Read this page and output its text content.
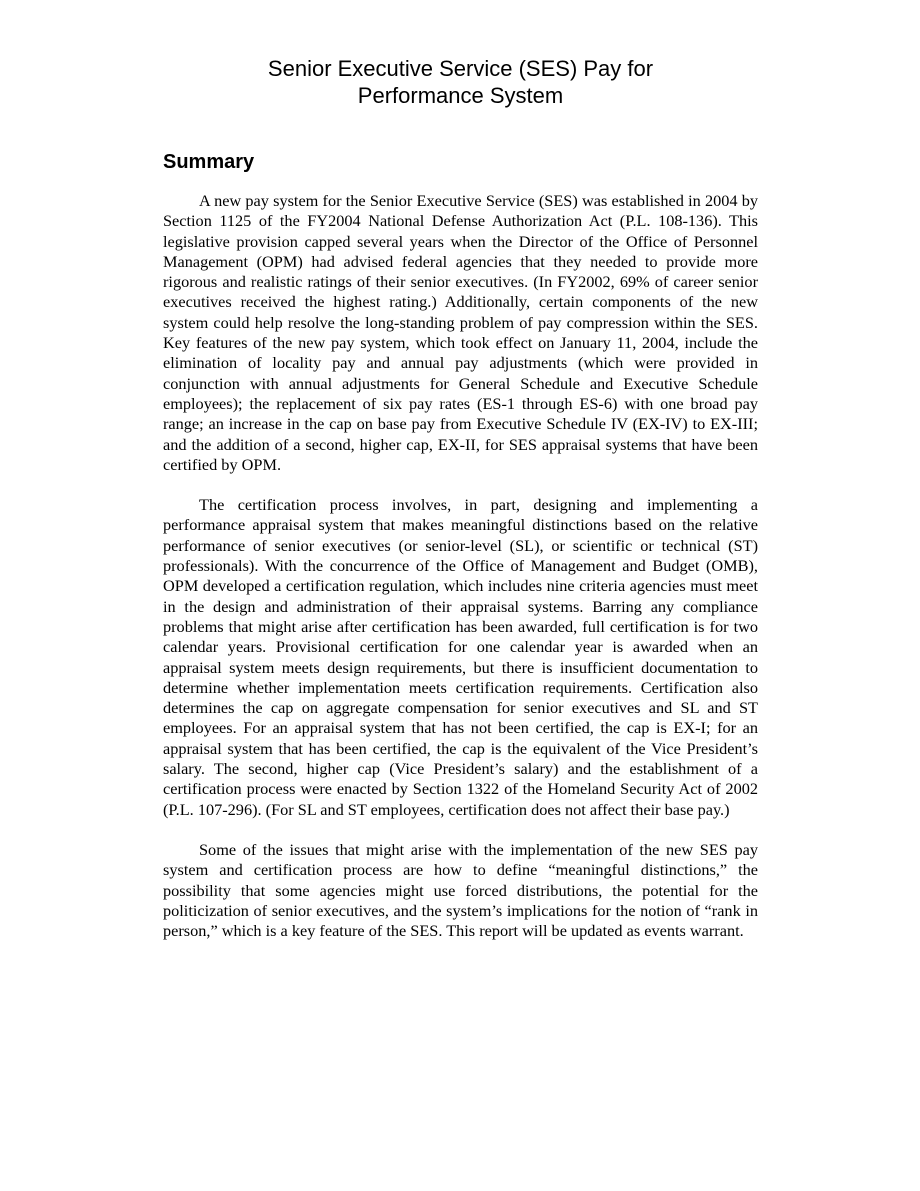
Senior Executive Service (SES) Pay for
Performance System
Summary

A new pay system for the Senior Executive Service (SES) was established in 2004 by Section 1125 of the FY2004 National Defense Authorization Act (P.L. 108-136). This legislative provision capped several years when the Director of the Office of Personnel Management (OPM) had advised federal agencies that they needed to provide more rigorous and realistic ratings of their senior executives. (In FY2002, 69% of career senior executives received the highest rating.) Additionally, certain components of the new system could help resolve the long-standing problem of pay compression within the SES. Key features of the new pay system, which took effect on January 11, 2004, include the elimination of locality pay and annual pay adjustments (which were provided in conjunction with annual adjustments for General Schedule and Executive Schedule employees); the replacement of six pay rates (ES-1 through ES-6) with one broad pay range; an increase in the cap on base pay from Executive Schedule IV (EX-IV) to EX-III; and the addition of a second, higher cap, EX-II, for SES appraisal systems that have been certified by OPM.

The certification process involves, in part, designing and implementing a performance appraisal system that makes meaningful distinctions based on the relative performance of senior executives (or senior-level (SL), or scientific or technical (ST) professionals). With the concurrence of the Office of Management and Budget (OMB), OPM developed a certification regulation, which includes nine criteria agencies must meet in the design and administration of their appraisal systems. Barring any compliance problems that might arise after certification has been awarded, full certification is for two calendar years. Provisional certification for one calendar year is awarded when an appraisal system meets design requirements, but there is insufficient documentation to determine whether implementation meets certification requirements. Certification also determines the cap on aggregate compensation for senior executives and SL and ST employees. For an appraisal system that has not been certified, the cap is EX-I; for an appraisal system that has been certified, the cap is the equivalent of the Vice President’s salary. The second, higher cap (Vice President’s salary) and the establishment of a certification process were enacted by Section 1322 of the Homeland Security Act of 2002 (P.L. 107-296). (For SL and ST employees, certification does not affect their base pay.)

Some of the issues that might arise with the implementation of the new SES pay system and certification process are how to define “meaningful distinctions,” the possibility that some agencies might use forced distributions, the potential for the politicization of senior executives, and the system’s implications for the notion of “rank in person,” which is a key feature of the SES. This report will be updated as events warrant.
